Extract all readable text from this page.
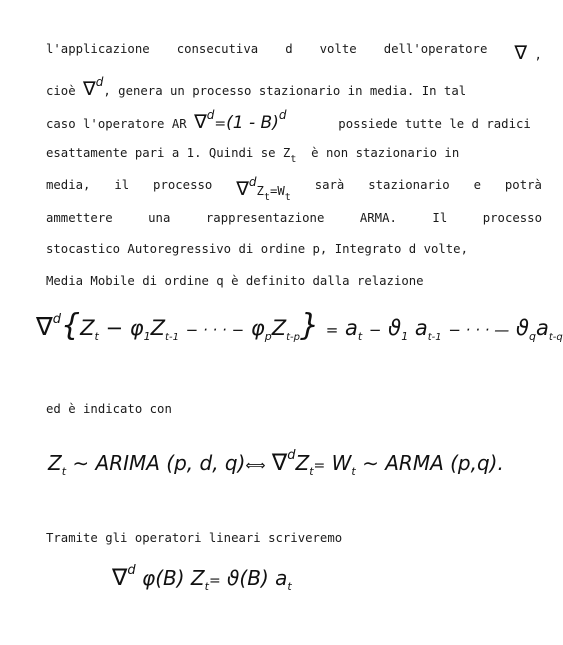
l'applicazione consecutiva d volte dell'operatore ∇ ,
cioè ∇d, genera un processo stazionario in media. In tal
caso l'operatore AR ∇d=(1 - B)d       possiede tutte le d radici
esattamente pari a 1. Quindi se $Z_t$ è non stazionario in
media, il processo $\nabla dZ_t=W_t$
sarà stazionario e potrà
ammettere	una	rappresentazione	ARMA.	Il	processo
stocastico Autoregressivo di ordine p, Integrato d volte,
Media Mobile di ordine q è definito dalla relazione
$\nabla^d\{Z_t - \varphi_1Z_{t-1}$ − · · · − $\varphi_pZ_{t-p}\} = a_t - ϑ_1$ $a_{t-1}$ − · · · — $ϑ_qa_{t-q}$
ed è indicato con
$Z_t$ ∼ ARIMA (p, d, q)⟺ $\nabla^dZ_t= W_t$ ∼ ARMA (p,q).
Tramite gli operatori lineari scriveremo
∇$^d$ φ(B) $Z_t= ϑ(B)$ $a_t$
